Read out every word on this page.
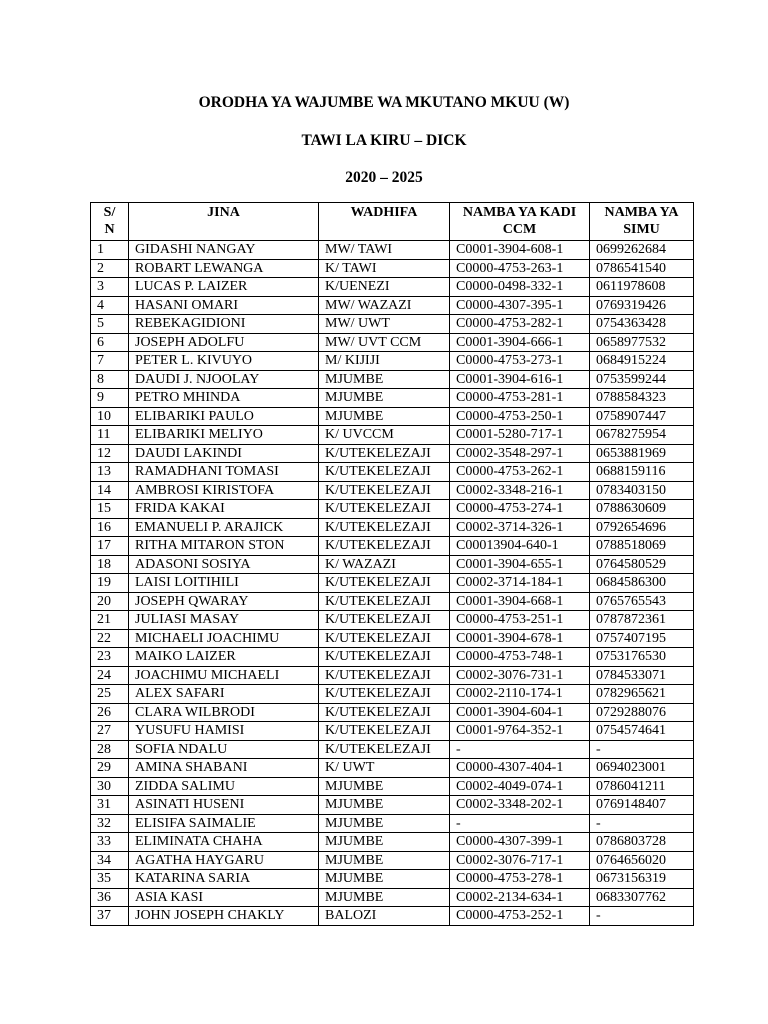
ORODHA YA WAJUMBE WA MKUTANO MKUU (W)
TAWI LA KIRU – DICK
2020 – 2025
S/ N	JINA	WADHIFA	NAMBA YA KADI CCM	NAMBA YA SIMU
1	GIDASHI NANGAY	MW/ TAWI	C0001-3904-608-1	0699262684
2	ROBART LEWANGA	K/ TAWI	C0000-4753-263-1	0786541540
3	LUCAS P. LAIZER	K/UENEZI	C0000-0498-332-1	0611978608
4	HASANI OMARI	MW/ WAZAZI	C0000-4307-395-1	0769319426
5	REBEKAGIDIONI	MW/ UWT	C0000-4753-282-1	0754363428
6	JOSEPH ADOLFU	MW/ UVT CCM	C0001-3904-666-1	0658977532
7	PETER L. KIVUYO	M/ KIJIJI	C0000-4753-273-1	0684915224
8	DAUDI J. NJOOLAY	MJUMBE	C0001-3904-616-1	0753599244
9	PETRO MHINDA	MJUMBE	C0000-4753-281-1	0788584323
10	ELIBARIKI PAULO	MJUMBE	C0000-4753-250-1	0758907447
11	ELIBARIKI MELIYO	K/ UVCCM	C0001-5280-717-1	0678275954
12	DAUDI LAKINDI	K/UTEKELEZAJI	C0002-3548-297-1	0653881969
13	RAMADHANI TOMASI	K/UTEKELEZAJI	C0000-4753-262-1	0688159116
14	AMBROSI KIRISTOFA	K/UTEKELEZAJI	C0002-3348-216-1	0783403150
15	FRIDA KAKAI	K/UTEKELEZAJI	C0000-4753-274-1	0788630609
16	EMANUELI P. ARAJICK	K/UTEKELEZAJI	C0002-3714-326-1	0792654696
17	RITHA MITARON STON	K/UTEKELEZAJI	C00013904-640-1	0788518069
18	ADASONI SOSIYA	K/ WAZAZI	C0001-3904-655-1	0764580529
19	LAISI LOITIHILI	K/UTEKELEZAJI	C0002-3714-184-1	0684586300
20	JOSEPH QWARAY	K/UTEKELEZAJI	C0001-3904-668-1	0765765543
21	JULIASI MASAY	K/UTEKELEZAJI	C0000-4753-251-1	0787872361
22	MICHAELI JOACHIMU	K/UTEKELEZAJI	C0001-3904-678-1	0757407195
23	MAIKO LAIZER	K/UTEKELEZAJI	C0000-4753-748-1	0753176530
24	JOACHIMU MICHAELI	K/UTEKELEZAJI	C0002-3076-731-1	0784533071
25	ALEX SAFARI	K/UTEKELEZAJI	C0002-2110-174-1	0782965621
26	CLARA WILBRODI	K/UTEKELEZAJI	C0001-3904-604-1	0729288076
27	YUSUFU HAMISI	K/UTEKELEZAJI	C0001-9764-352-1	0754574641
28	SOFIA NDALU	K/UTEKELEZAJI	-	-
29	AMINA SHABANI	K/ UWT	C0000-4307-404-1	0694023001
30	ZIDDA SALIMU	MJUMBE	C0002-4049-074-1	0786041211
31	ASINATI HUSENI	MJUMBE	C0002-3348-202-1	0769148407
32	ELISIFA SAIMALIE	MJUMBE	-	-
33	ELIMINATA CHAHA	MJUMBE	C0000-4307-399-1	0786803728
34	AGATHA HAYGARU	MJUMBE	C0002-3076-717-1	0764656020
35	KATARINA SARIA	MJUMBE	C0000-4753-278-1	0673156319
36	ASIA KASI	MJUMBE	C0002-2134-634-1	0683307762
37	JOHN JOSEPH CHAKLY	BALOZI	C0000-4753-252-1	-
